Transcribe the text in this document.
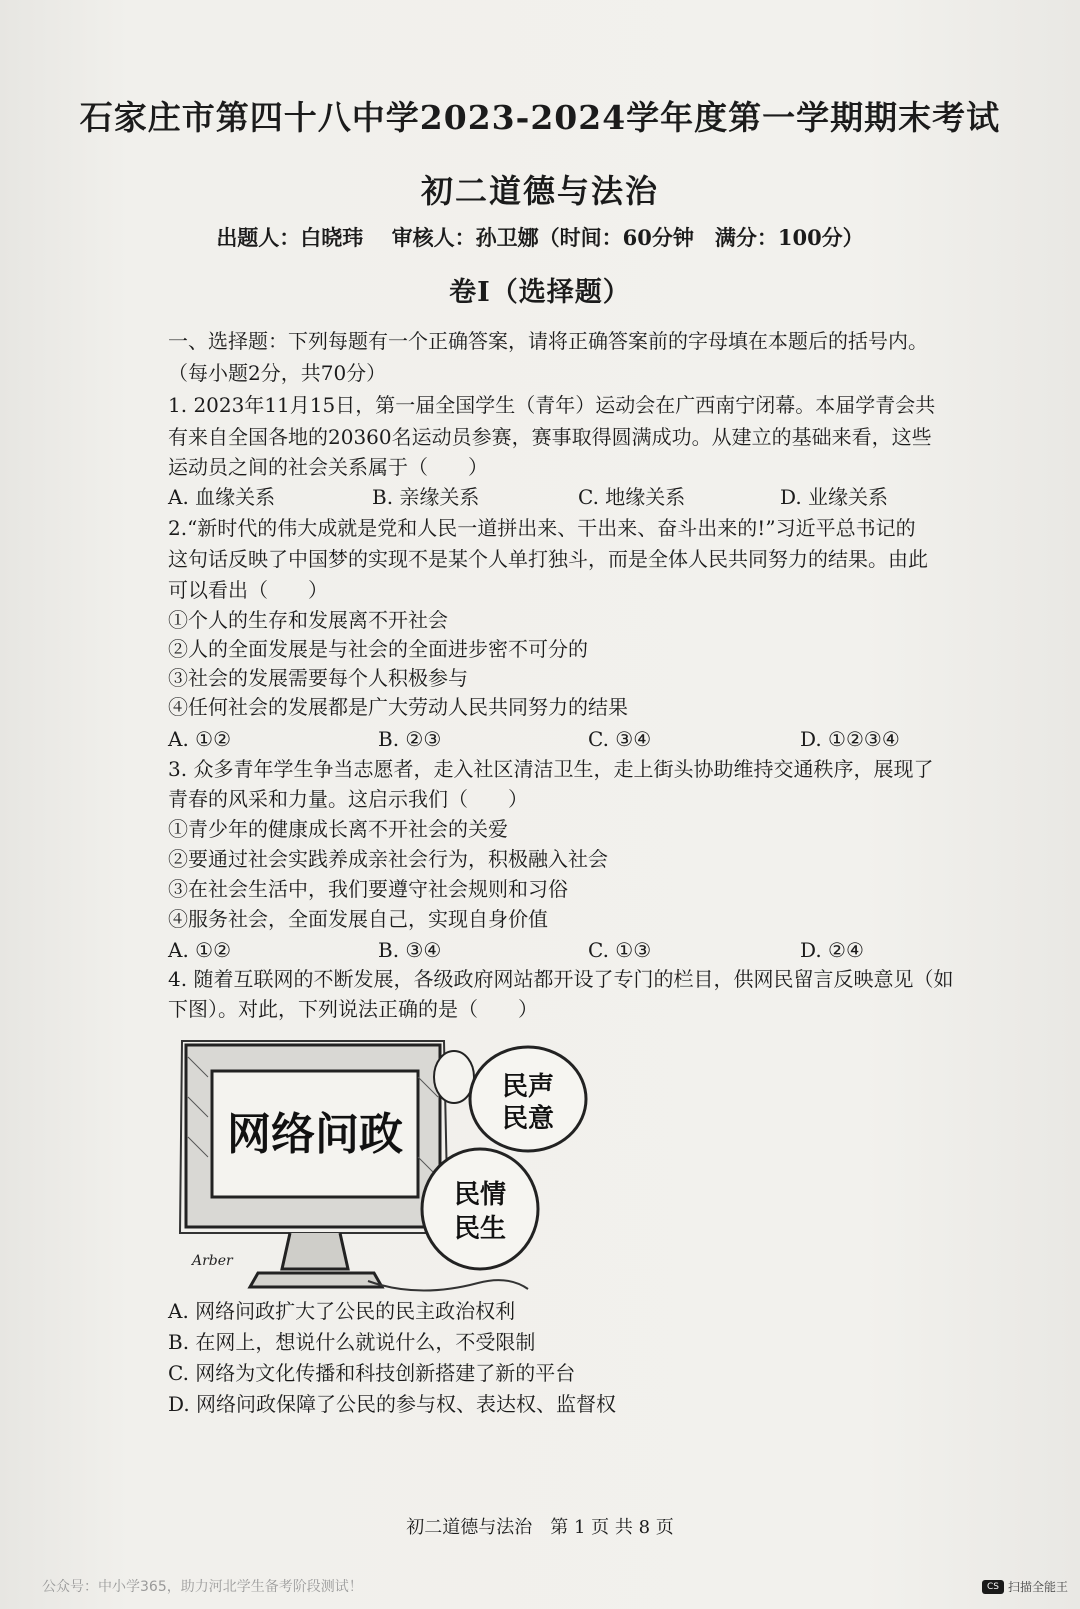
石家庄市第四十八中学2023-2024学年度第一学期期末考试
初二道德与法治
出题人：白晓玮　 审核人：孙卫娜（时间：60分钟　满分：100分）
卷Ⅰ（选择题）
一、选择题：下列每题有一个正确答案，请将正确答案前的字母填在本题后的括号内。
（每小题2分，共70分）
1. 2023年11月15日，第一届全国学生（青年）运动会在广西南宁闭幕。本届学青会共
有来自全国各地的20360名运动员参赛，赛事取得圆满成功。从建立的基础来看，这些
运动员之间的社会关系属于（　　）
A. 血缘关系	B. 亲缘关系	C. 地缘关系	D. 业缘关系
2.“新时代的伟大成就是党和人民一道拼出来、干出来、奋斗出来的!”习近平总书记的
这句话反映了中国梦的实现不是某个人单打独斗，而是全体人民共同努力的结果。由此
可以看出（　　）
①个人的生存和发展离不开社会
②人的全面发展是与社会的全面进步密不可分的
③社会的发展需要每个人积极参与
④任何社会的发展都是广大劳动人民共同努力的结果
A. ①②	B. ②③	C. ③④	D. ①②③④
3. 众多青年学生争当志愿者，走入社区清洁卫生，走上街头协助维持交通秩序，展现了
青春的风采和力量。这启示我们（　　）
①青少年的健康成长离不开社会的关爱
②要通过社会实践养成亲社会行为，积极融入社会
③在社会生活中，我们要遵守社会规则和习俗
④服务社会，全面发展自己，实现自身价值
A. ①②	B. ③④	C. ①③	D. ②④
4. 随着互联网的不断发展，各级政府网站都开设了专门的栏目，供网民留言反映意见（如
下图）。对此，下列说法正确的是（　　）
网络问政
民声
民意
民情
民生
Arber
A. 网络问政扩大了公民的民主政治权利
B. 在网上，想说什么就说什么，不受限制
C. 网络为文化传播和科技创新搭建了新的平台
D. 网络问政保障了公民的参与权、表达权、监督权
初二道德与法治　第 1 页 共 8 页
公众号：中小学365，助力河北学生备考阶段测试！	CS 扫描全能王
